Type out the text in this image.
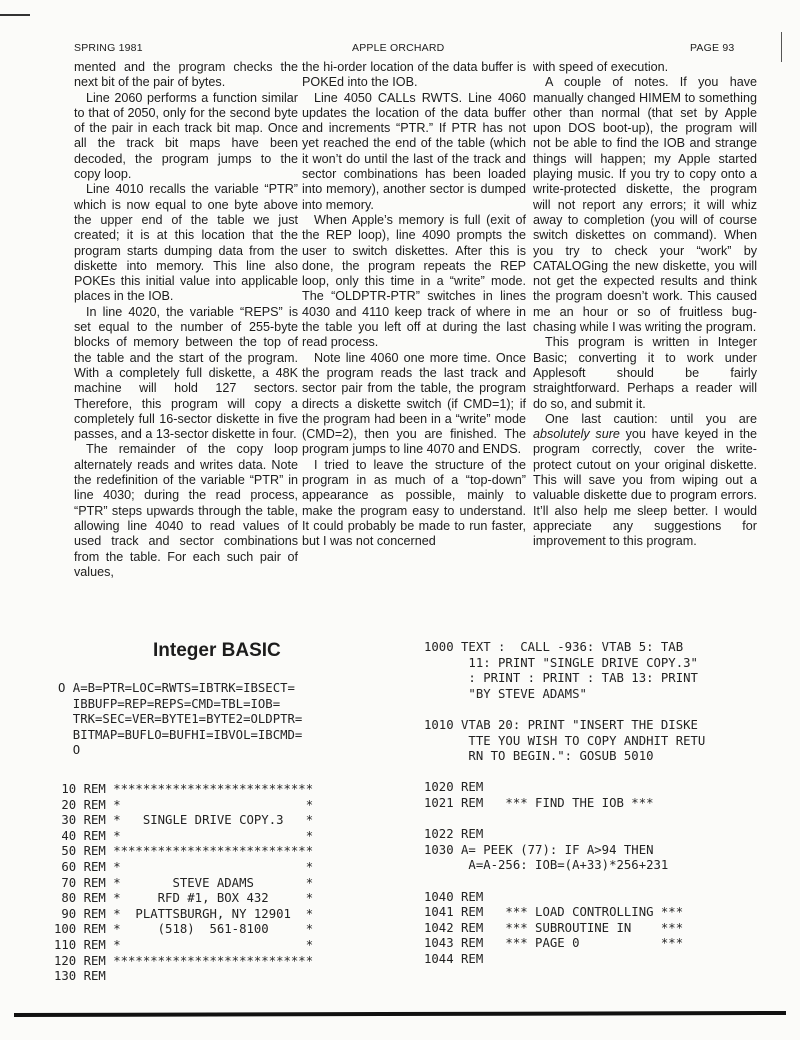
SPRING 1981	APPLE ORCHARD	PAGE 93

mented and the program checks the next bit of the pair of bytes.

Line 2060 performs a function similar to that of 2050, only for the second byte of the pair in each track bit map. Once all the track bit maps have been decoded, the program jumps to the copy loop.

Line 4010 recalls the variable “PTR” which is now equal to one byte above the upper end of the table we just created; it is at this location that the program starts dumping data from the diskette into memory. This line also POKEs this initial value into applicable places in the IOB.

In line 4020, the variable “REPS” is set equal to the number of 255-byte blocks of memory between the top of the table and the start of the program. With a completely full diskette, a 48K machine will hold 127 sectors. Therefore, this program will copy a completely full 16-sector diskette in five passes, and a 13-sector diskette in four.

The remainder of the copy loop alternately reads and writes data. Note the redefinition of the variable “PTR” in line 4030; during the read process, “PTR” steps upwards through the table, allowing line 4040 to read values of used track and sector combinations from the table. For each such pair of values,

the hi-order location of the data buffer is POKEd into the IOB.

Line 4050 CALLs RWTS. Line 4060 updates the location of the data buffer and increments “PTR.” If PTR has not yet reached the end of the table (which it won’t do until the last of the track and sector combinations has been loaded into memory), another sector is dumped into memory.

When Apple’s memory is full (exit of the REP loop), line 4090 prompts the user to switch diskettes. After this is done, the program repeats the REP loop, only this time in a “write” mode. The “OLDPTR-PTR” switches in lines 4030 and 4110 keep track of where in the table you left off at during the last read process.

Note line 4060 one more time. Once the program reads the last track and sector pair from the table, the program directs a diskette switch (if CMD=1); if the program had been in a “write” mode (CMD=2), then you are finished. The program jumps to line 4070 and ENDS.

I tried to leave the structure of the program in as much of a “top-down” appearance as possible, mainly to make the program easy to understand. It could probably be made to run faster, but I was not concerned

with speed of execution.

A couple of notes. If you have manually changed HIMEM to something other than normal (that set by Apple upon DOS boot-up), the program will not be able to find the IOB and strange things will happen; my Apple started playing music. If you try to copy onto a write-protected diskette, the program will not report any errors; it will whiz away to completion (you will of course switch diskettes on command). When you try to check your “work” by CATALOGing the new diskette, you will not get the expected results and think the program doesn’t work. This caused me an hour or so of fruitless bug-chasing while I was writing the program.

This program is written in Integer Basic; converting it to work under Applesoft should be fairly straightforward. Perhaps a reader will do so, and submit it.

One last caution: until you are absolutely sure you have keyed in the program correctly, cover the write-protect cutout on your original diskette. This will save you from wiping out a valuable diskette due to program errors. It’ll also help me sleep better. I would appreciate any suggestions for improvement to this program.

Integer BASIC
O A=B=PTR=LOC=RWTS=IBTRK=IBSECT=
IBBUFP=REP=REPS=CMD=TBL=IOB=
TRK=SEC=VER=BYTE1=BYTE2=OLDPTR=
BITMAP=BUFLO=BUFHI=IBVOL=IBCMD=
O
10 REM ***************************
20 REM *                         *
30 REM *   SINGLE DRIVE COPY.3   *
40 REM *                         *
50 REM ***************************
60 REM *                         *
70 REM *       STEVE ADAMS       *
80 REM *     RFD #1, BOX 432     *
90 REM *  PLATTSBURGH, NY 12901  *
100 REM *     (518)  561-8100     *
110 REM *                         *
120 REM ***************************
130 REM
1000 TEXT :  CALL -936: VTAB 5: TAB
11: PRINT "SINGLE DRIVE COPY.3"
: PRINT : PRINT : TAB 13: PRINT
"BY STEVE ADAMS"

1010 VTAB 20: PRINT "INSERT THE DISKE
TTE YOU WISH TO COPY ANDHIT RETU
RN TO BEGIN.": GOSUB 5010

1020 REM
1021 REM   *** FIND THE IOB ***

1022 REM
1030 A= PEEK (77): IF A>94 THEN
A=A-256: IOB=(A+33)*256+231

1040 REM
1041 REM   *** LOAD CONTROLLING ***
1042 REM   *** SUBROUTINE IN    ***
1043 REM   *** PAGE 0           ***
1044 REM
